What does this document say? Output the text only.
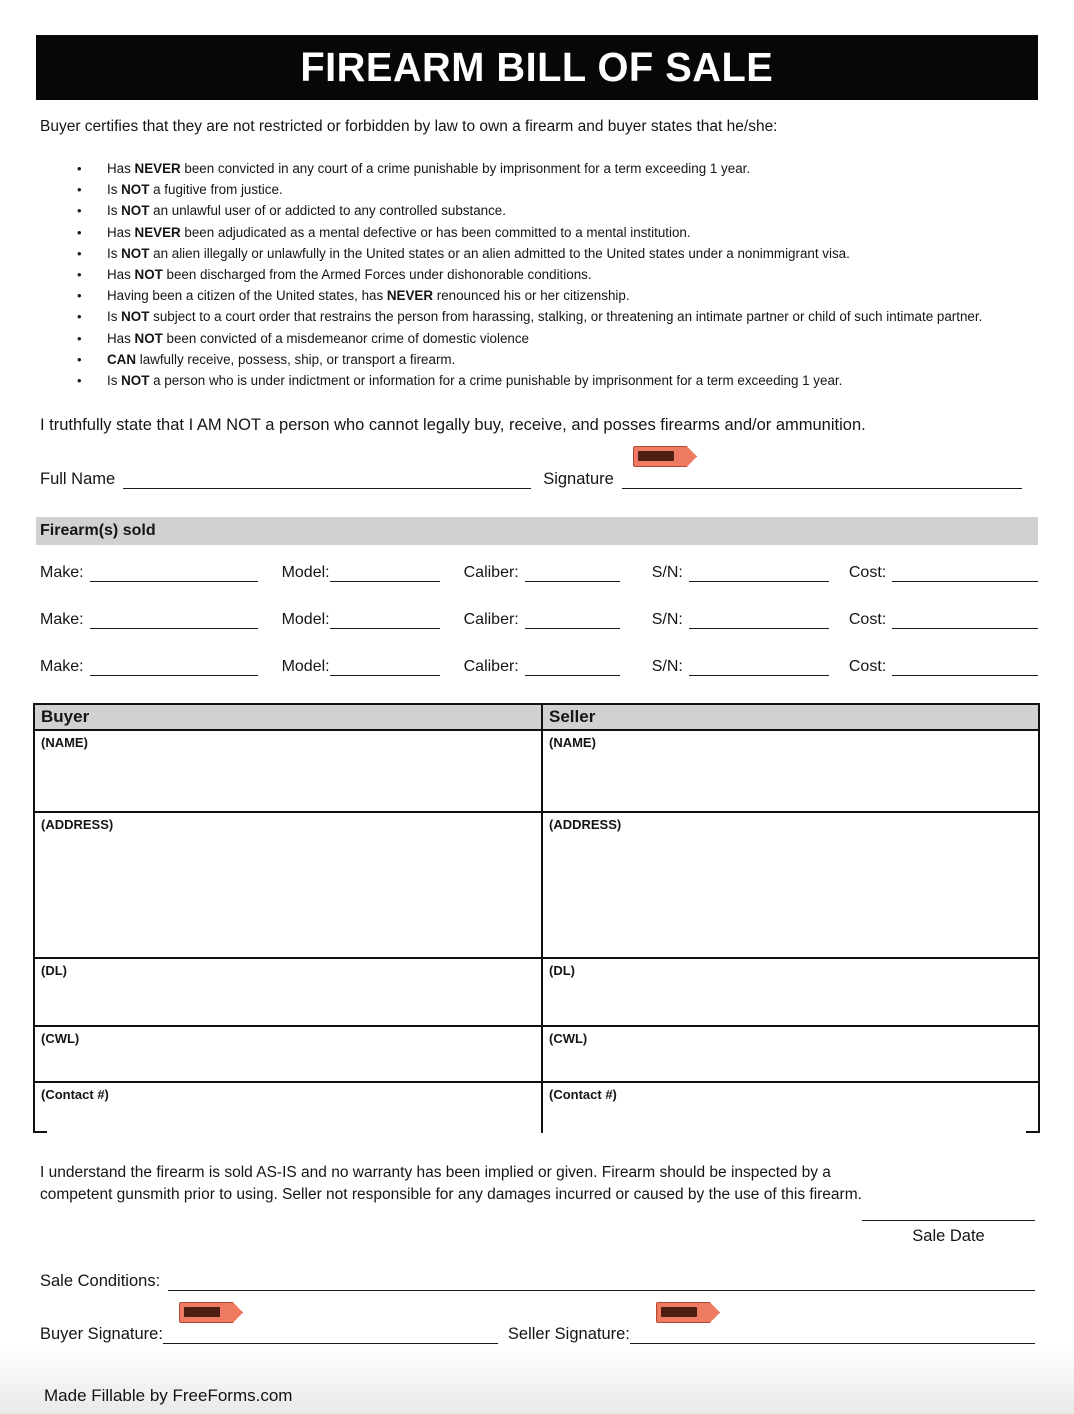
FIREARM BILL OF SALE
Buyer certifies that they are not restricted or forbidden by law to own a firearm and buyer states that he/she:
• Has NEVER been convicted in any court of a crime punishable by imprisonment for a term exceeding 1 year.
• Is NOT a fugitive from justice.
• Is NOT an unlawful user of or addicted to any controlled substance.
• Has NEVER been adjudicated as a mental defective or has been committed to a mental institution.
• Is NOT an alien illegally or unlawfully in the United states or an alien admitted to the United states under a nonimmigrant visa.
• Has NOT been discharged from the Armed Forces under dishonorable conditions.
• Having been a citizen of the United states, has NEVER renounced his or her citizenship.
• Is NOT subject to a court order that restrains the person from harassing, stalking, or threatening an intimate partner or child of such intimate partner.
• Has NOT been convicted of a misdemeanor crime of domestic violence
• CAN lawfully receive, possess, ship, or transport a firearm.
• Is NOT a person who is under indictment or information for a crime punishable by imprisonment for a term exceeding 1 year.
I truthfully state that I AM NOT a person who cannot legally buy, receive, and posses firearms and/or ammunition.
Full Name	Signature
Firearm(s) sold
Make:	Model:	Caliber:	S/N:	Cost:
Make:	Model:	Caliber:	S/N:	Cost:
Make:	Model:	Caliber:	S/N:	Cost:
Buyer	Seller
(NAME)	(NAME)
(ADDRESS)	(ADDRESS)
(DL)	(DL)
(CWL)	(CWL)
(Contact #)	(Contact #)
I understand the firearm is sold AS-IS and no warranty has been implied or given. Firearm should be inspected by a competent gunsmith prior to using. Seller not responsible for any damages incurred or caused by the use of this firearm.
Sale Date
Sale Conditions:
Buyer Signature:	Seller Signature:
Made Fillable by FreeForms.com
